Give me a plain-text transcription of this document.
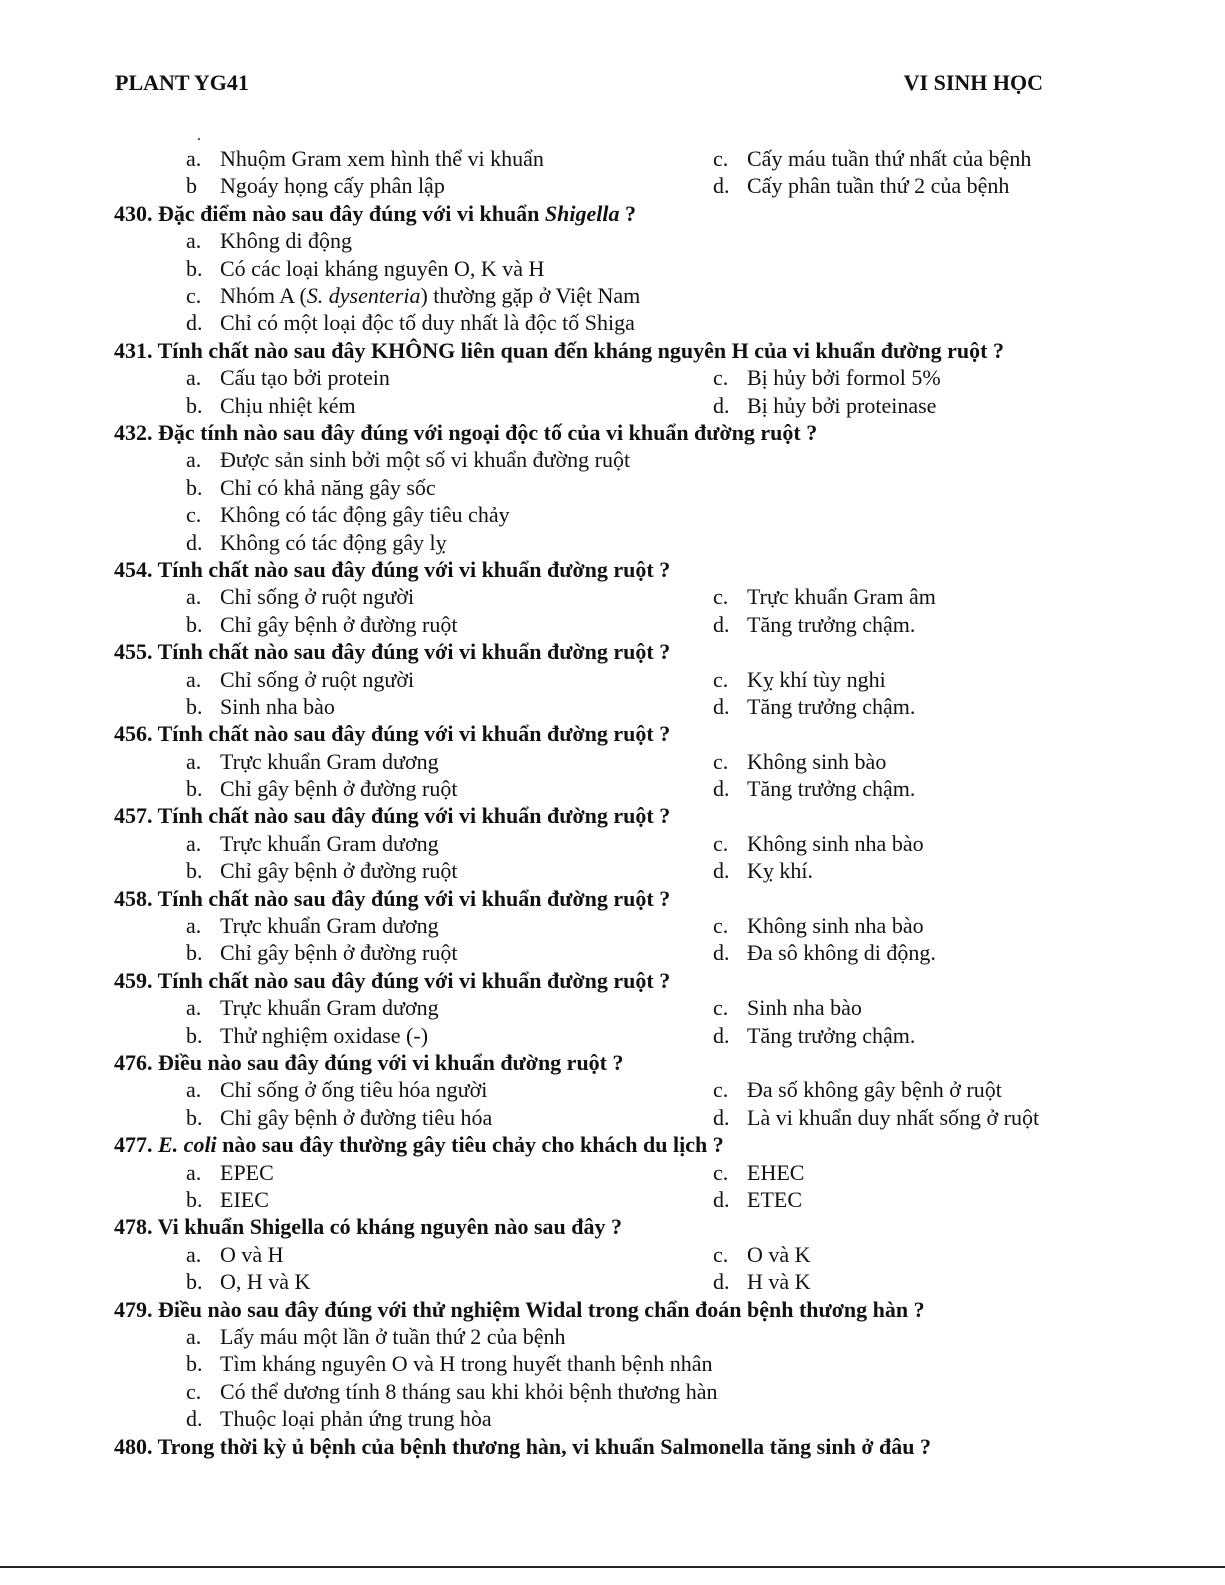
PLANT YG41	VI SINH HỌC
.
a. Nhuộm Gram xem hình thể vi khuẩn	c. Cấy máu tuần thứ nhất của bệnh
b Ngoáy họng cấy phân lập	d. Cấy phân tuần thứ 2 của bệnh
430. Đặc điểm nào sau đây đúng với vi khuẩn Shigella ?
a. Không di động
b. Có các loại kháng nguyên O, K và H
c. Nhóm A (S. dysenteria) thường gặp ở Việt Nam
d. Chỉ có một loại độc tố duy nhất là độc tố Shiga
431. Tính chất nào sau đây KHÔNG liên quan đến kháng nguyên H của vi khuẩn đường ruột ?
a. Cấu tạo bởi protein	c. Bị hủy bởi formol 5%
b. Chịu nhiệt kém	d. Bị hủy bởi proteinase
432. Đặc tính nào sau đây đúng với ngoại độc tố của vi khuẩn đường ruột ?
a. Được sản sinh bởi một số vi khuẩn đường ruột
b. Chỉ có khả năng gây sốc
c. Không có tác động gây tiêu chảy
d. Không có tác động gây lỵ
454. Tính chất nào sau đây đúng với vi khuẩn đường ruột ?
a. Chỉ sống ở ruột người	c. Trực khuẩn Gram âm
b. Chỉ gây bệnh ở đường ruột	d. Tăng trưởng chậm.
455. Tính chất nào sau đây đúng với vi khuẩn đường ruột ?
a. Chỉ sống ở ruột người	c. Kỵ khí tùy nghi
b. Sinh nha bào	d. Tăng trưởng chậm.
456. Tính chất nào sau đây đúng với vi khuẩn đường ruột ?
a. Trực khuẩn Gram dương	c. Không sinh bào
b. Chỉ gây bệnh ở đường ruột	d. Tăng trưởng chậm.
457. Tính chất nào sau đây đúng với vi khuẩn đường ruột ?
a. Trực khuẩn Gram dương	c. Không sinh nha bào
b. Chỉ gây bệnh ở đường ruột	d. Kỵ khí.
458. Tính chất nào sau đây đúng với vi khuẩn đường ruột ?
a. Trực khuẩn Gram dương	c. Không sinh nha bào
b. Chỉ gây bệnh ở đường ruột	d. Đa sô không di động.
459. Tính chất nào sau đây đúng với vi khuẩn đường ruột ?
a. Trực khuẩn Gram dương	c. Sinh nha bào
b. Thử nghiệm oxidase (-)	d. Tăng trưởng chậm.
476. Điều nào sau đây đúng với vi khuẩn đường ruột ?
a. Chỉ sống ở ống tiêu hóa người	c. Đa số không gây bệnh ở ruột
b. Chỉ gây bệnh ở đường tiêu hóa	d. Là vi khuẩn duy nhất sống ở ruột
477. E. coli nào sau đây thường gây tiêu chảy cho khách du lịch ?
a. EPEC	c. EHEC
b. EIEC	d. ETEC
478. Vi khuẩn Shigella có kháng nguyên nào sau đây ?
a. O và H	c. O và K
b. O, H và K	d. H và K
479. Điều nào sau đây đúng với thử nghiệm Widal trong chẩn đoán bệnh thương hàn ?
a. Lấy máu một lần ở tuần thứ 2 của bệnh
b. Tìm kháng nguyên O và H trong huyết thanh bệnh nhân
c. Có thể dương tính 8 tháng sau khi khỏi bệnh thương hàn
d. Thuộc loại phản ứng trung hòa
480. Trong thời kỳ ủ bệnh của bệnh thương hàn, vi khuẩn Salmonella tăng sinh ở đâu ?
